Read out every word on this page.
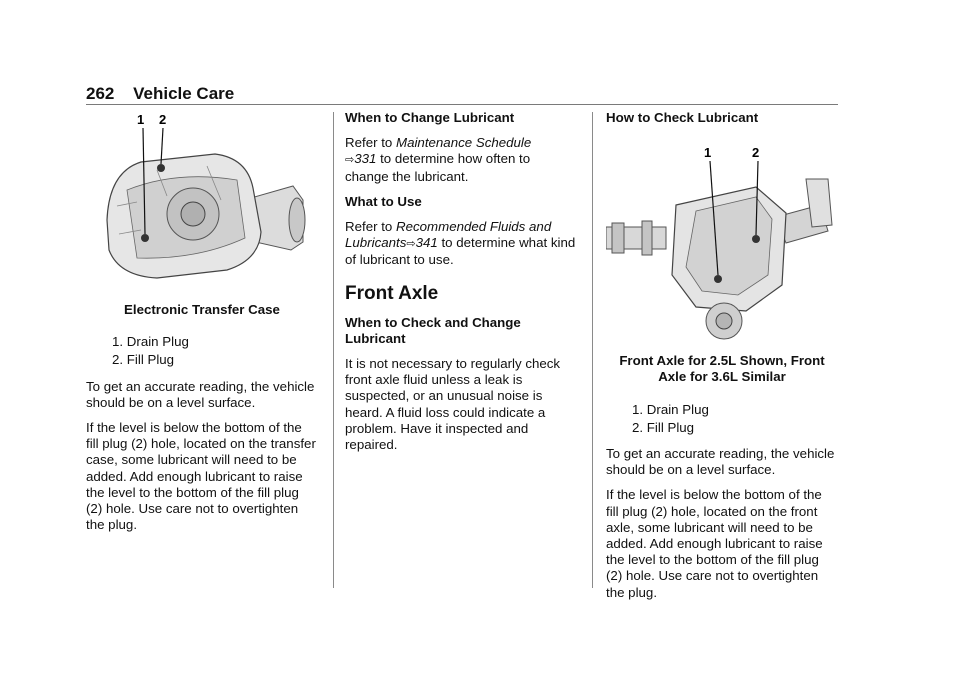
262 Vehicle Care
1 2
Electronic Transfer Case
1. Drain Plug
2. Fill Plug

To get an accurate reading, the vehicle should be on a level surface.

If the level is below the bottom of the fill plug (2) hole, located on the transfer case, some lubricant will need to be added. Add enough lubricant to raise the level to the bottom of the fill plug (2) hole. Use care not to overtighten the plug.

When to Change Lubricant

Refer to Maintenance Schedule
⇨331 to determine how often to change the lubricant.

What to Use

Refer to Recommended Fluids and Lubricants⇨341 to determine what kind of lubricant to use.

Front Axle
When to Check and Change Lubricant

It is not necessary to regularly check front axle fluid unless a leak is suspected, or an unusual noise is heard. A fluid loss could indicate a problem. Have it inspected and repaired.

How to Check Lubricant
1	2
Front Axle for 2.5L Shown, Front Axle for 3.6L Similar
1. Drain Plug
2. Fill Plug

To get an accurate reading, the vehicle should be on a level surface.

If the level is below the bottom of the fill plug (2) hole, located on the front axle, some lubricant will need to be added. Add enough lubricant to raise the level to the bottom of the fill plug (2) hole. Use care not to overtighten the plug.
